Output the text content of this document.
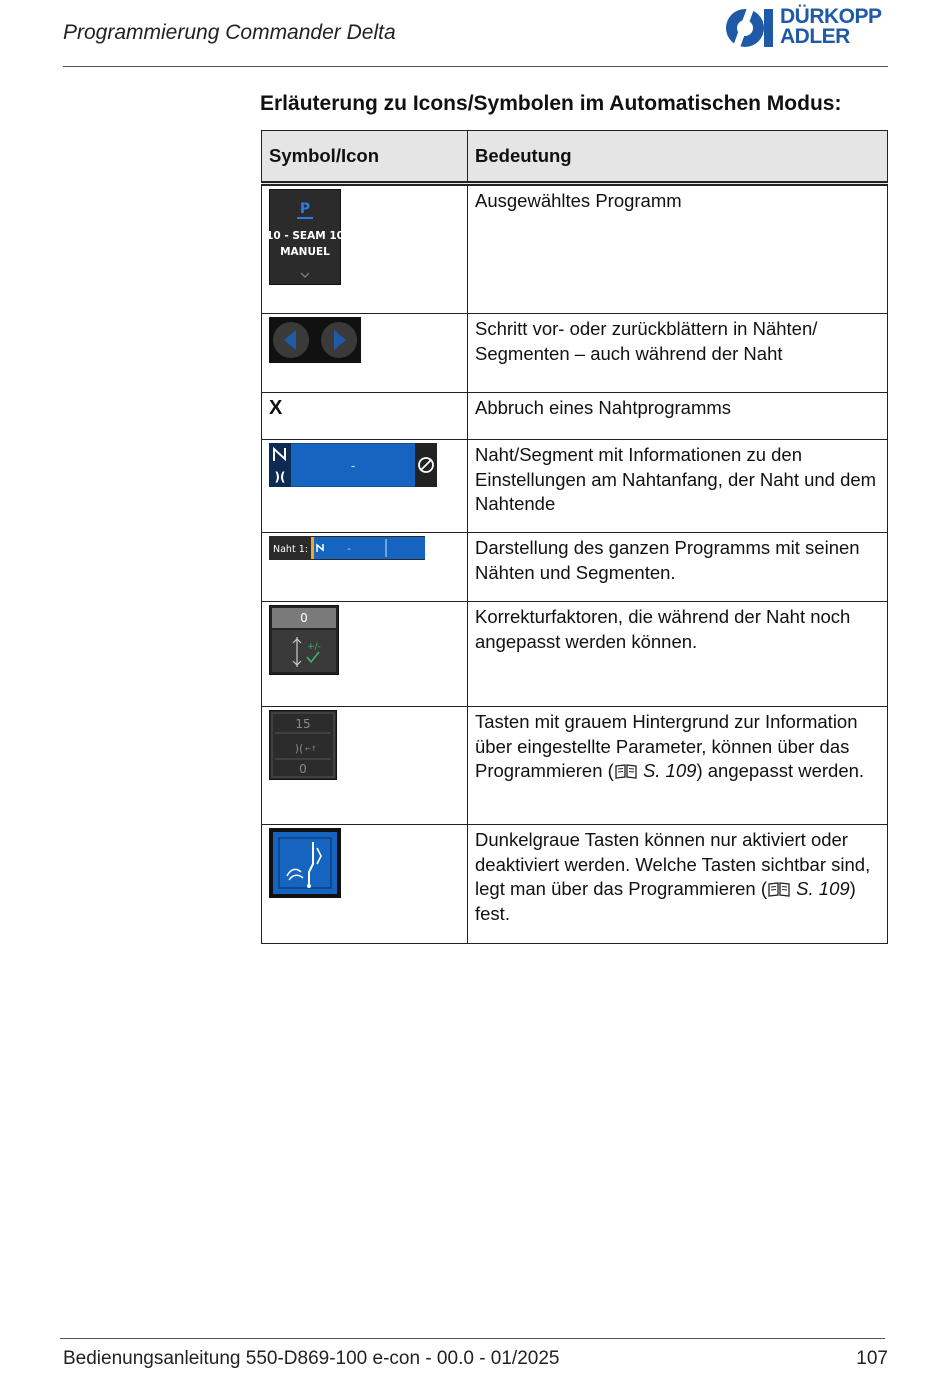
Programmierung Commander Delta
DÜRKOPP
ADLER
Erläuterung zu Icons/Symbolen im Automatischen Modus:
Symbol/Icon	Bedeutung

P
10 - SEAM 10
MANUEL	Ausgewähltes Programm
	Schritt vor- oder zurückblättern in Nähten/ Segmenten – auch während der Naht
X	Abbruch eines Nahtprogramms

)(
-	Naht/Segment mit Informationen zu den Einstellungen am Nahtanfang, der Naht und dem Nahtende

Naht 1: -	Darstellung des ganzen Programms mit seinen Nähten und Segmenten.

0
+/-	Korrekturfaktoren, die während der Naht noch angepasst werden können.

15
)( ←↑
0	Tasten mit grauem Hintergrund zur Information über eingestellte Parameter, können über das Programmieren ( S. 109) angepasst werden.
	Dunkelgraue Tasten können nur aktiviert oder deaktiviert werden. Welche Tasten sichtbar sind, legt man über das Programmieren ( S. 109) fest.
Bedienungsanleitung 550-D869-100 e-con - 00.0 - 01/2025	107
